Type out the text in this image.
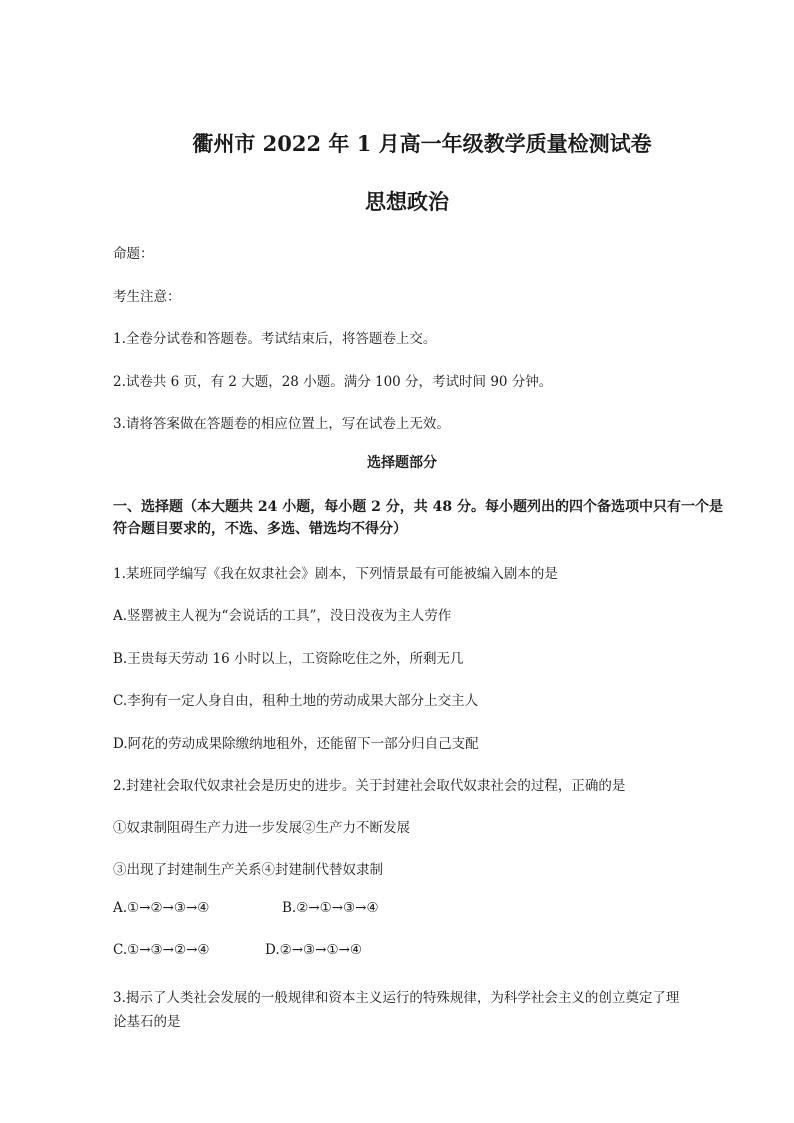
衢州市 2022 年 1 月高一年级教学质量检测试卷
思想政治
命题：
考生注意：
1.全卷分试卷和答题卷。考试结束后，将答题卷上交。
2.试卷共 6 页，有 2 大题，28 小题。满分 100 分，考试时间 90 分钟。
3.请将答案做在答题卷的相应位置上，写在试卷上无效。
选择题部分
一、选择题（本大题共 24 小题，每小题 2 分，共 48 分。每小题列出的四个备选项中只有一个是
符合题目要求的，不选、多选、错选均不得分）
1.某班同学编写《我在奴隶社会》剧本，下列情景最有可能被编入剧本的是
A.竖罂被主人视为“会说话的工具”，没日没夜为主人劳作
B.王贵每天劳动 16 小时以上，工资除吃住之外，所剩无几
C.李狗有一定人身自由，租种土地的劳动成果大部分上交主人
D.阿花的劳动成果除缴纳地租外，还能留下一部分归自己支配
2.封建社会取代奴隶社会是历史的进步。关于封建社会取代奴隶社会的过程，正确的是
①奴隶制阻碍生产力进一步发展②生产力不断发展
③出现了封建制生产关系④封建制代替奴隶制
A.①→②→③→④	B.②→①→③→④
C.①→③→②→④	D.②→③→①→④
3.揭示了人类社会发展的一般规律和资本主义运行的特殊规律，为科学社会主义的创立奠定了理
论基石的是
